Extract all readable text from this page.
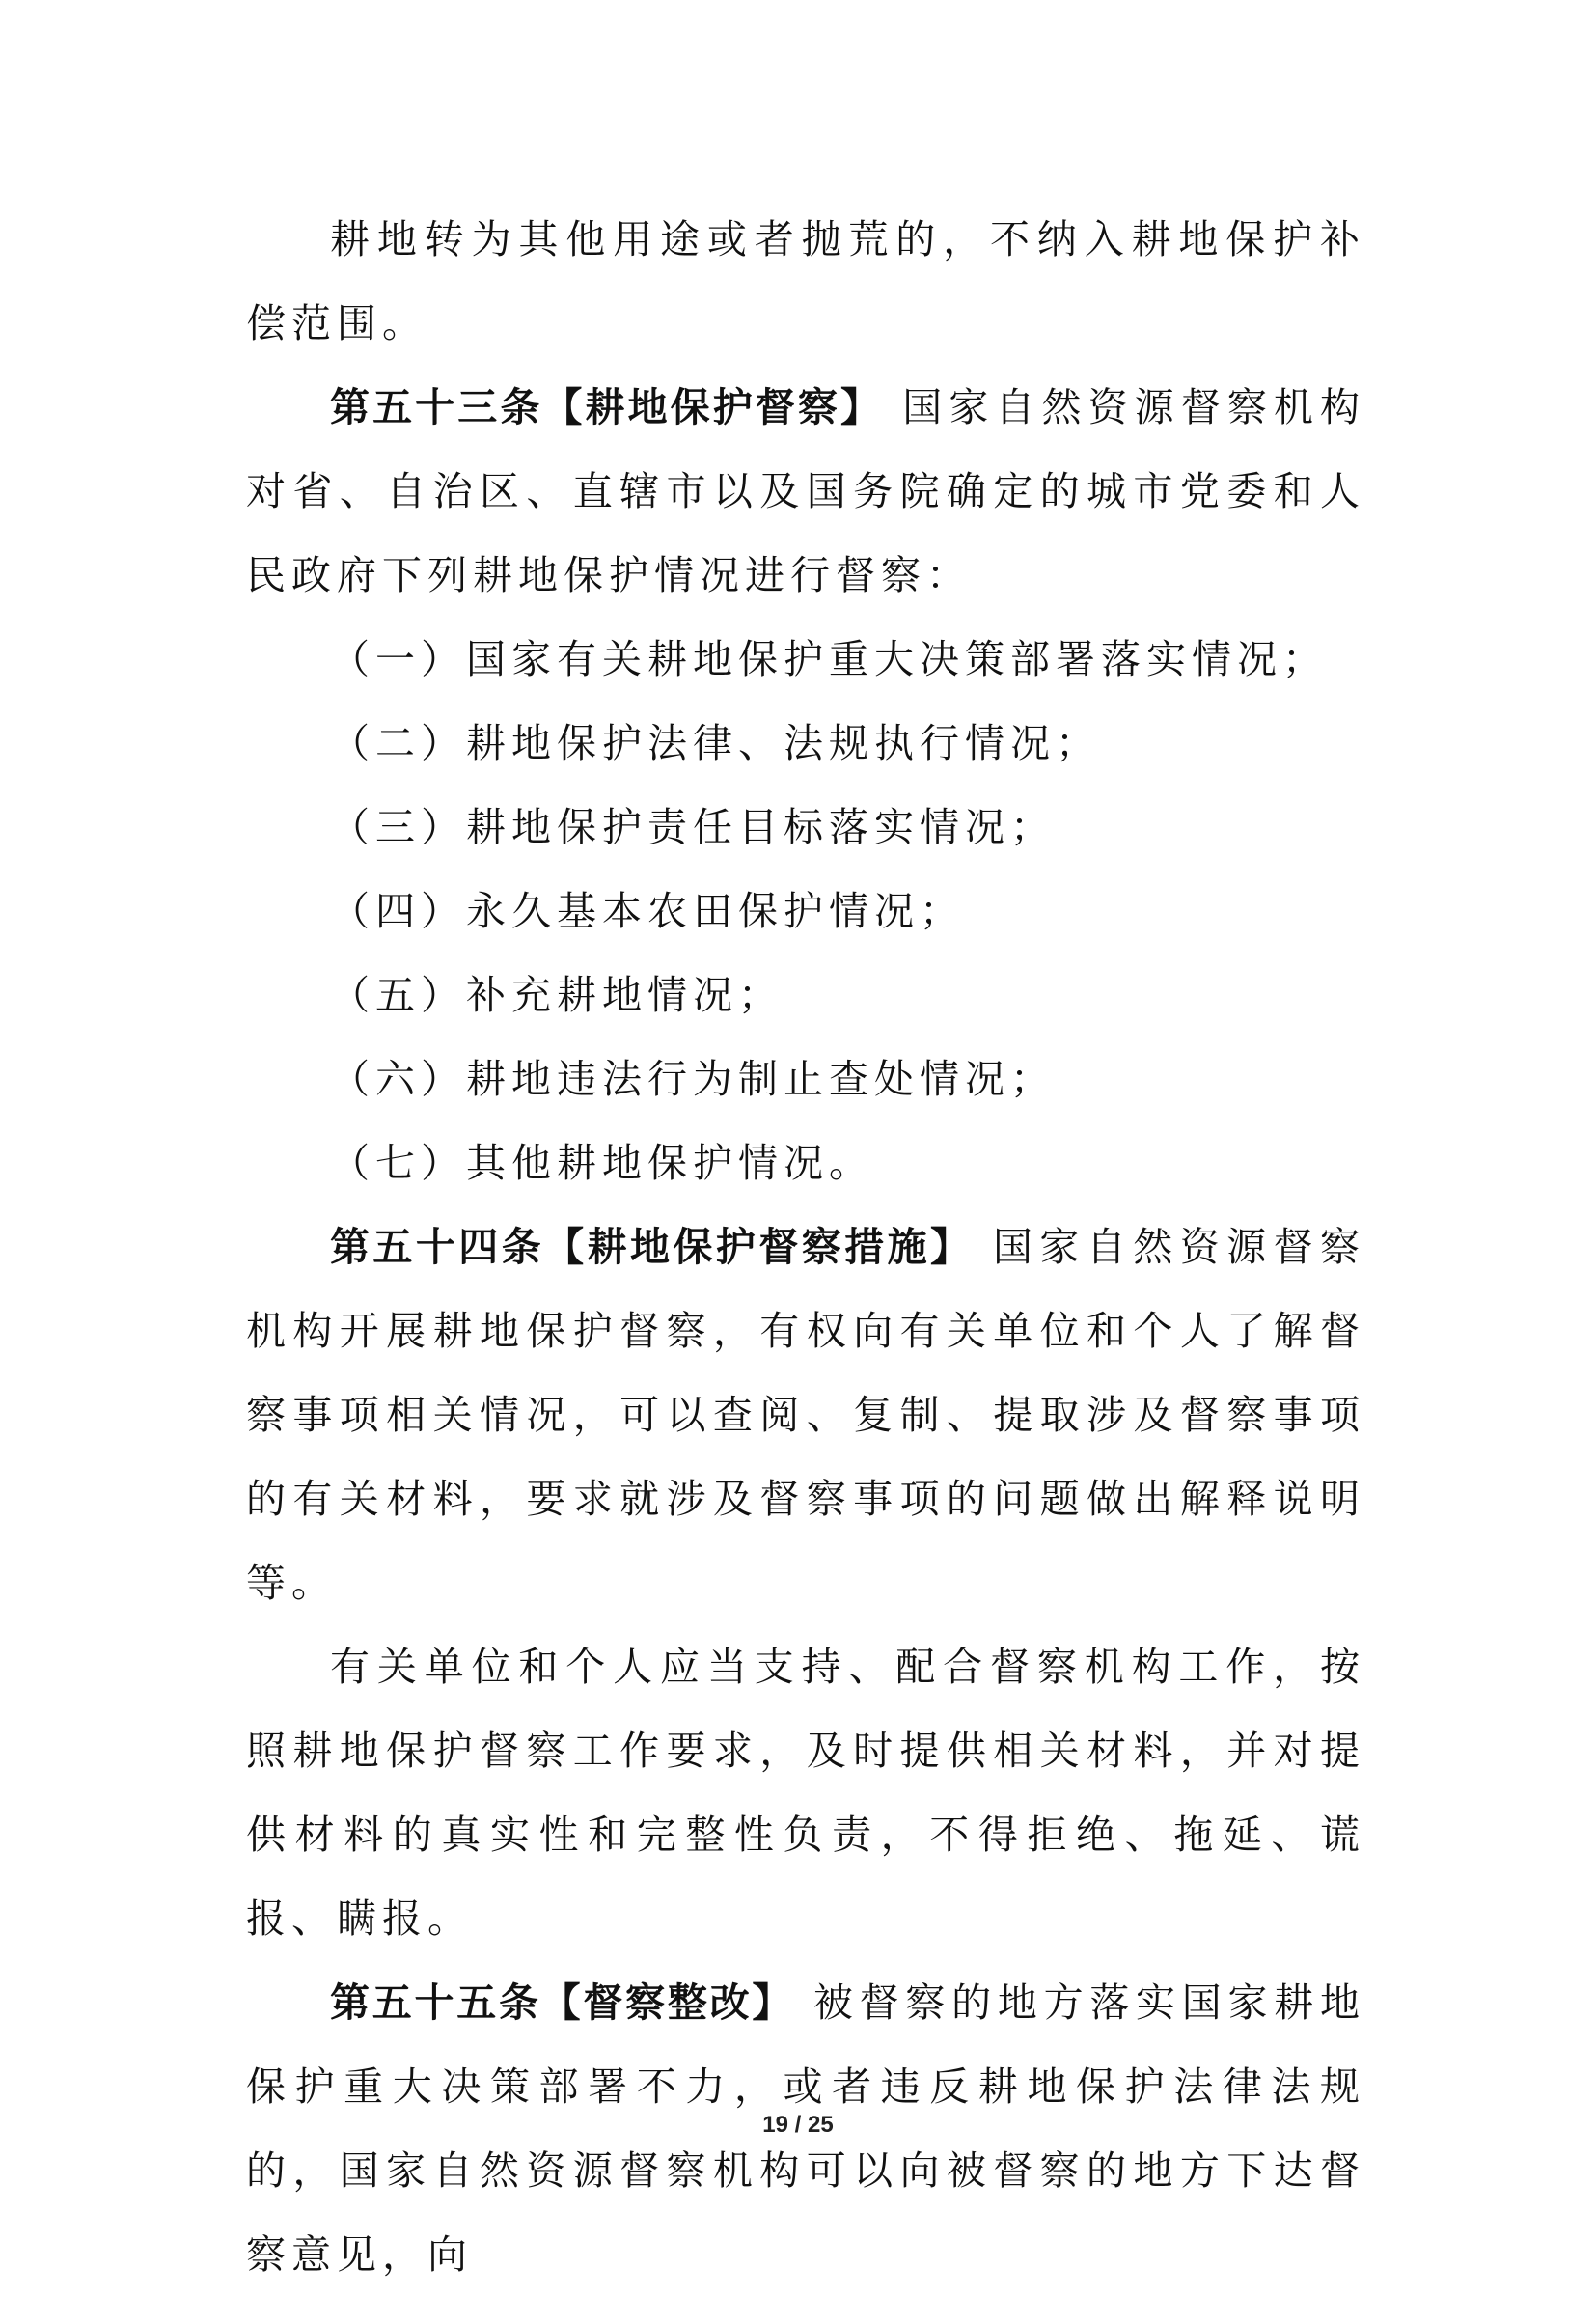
耕地转为其他用途或者抛荒的，不纳入耕地保护补偿范围。

第五十三条【耕地保护督察】 国家自然资源督察机构对省、自治区、直辖市以及国务院确定的城市党委和人民政府下列耕地保护情况进行督察：

（一）国家有关耕地保护重大决策部署落实情况；

（二）耕地保护法律、法规执行情况；

（三）耕地保护责任目标落实情况；

（四）永久基本农田保护情况；

（五）补充耕地情况；

（六）耕地违法行为制止查处情况；

（七）其他耕地保护情况。

第五十四条【耕地保护督察措施】 国家自然资源督察机构开展耕地保护督察，有权向有关单位和个人了解督察事项相关情况，可以查阅、复制、提取涉及督察事项的有关材料，要求就涉及督察事项的问题做出解释说明等。

有关单位和个人应当支持、配合督察机构工作，按照耕地保护督察工作要求，及时提供相关材料，并对提供材料的真实性和完整性负责，不得拒绝、拖延、谎报、瞒报。

第五十五条【督察整改】 被督察的地方落实国家耕地保护重大决策部署不力，或者违反耕地保护法律法规的，国家自然资源督察机构可以向被督察的地方下达督察意见，向

19 / 25
